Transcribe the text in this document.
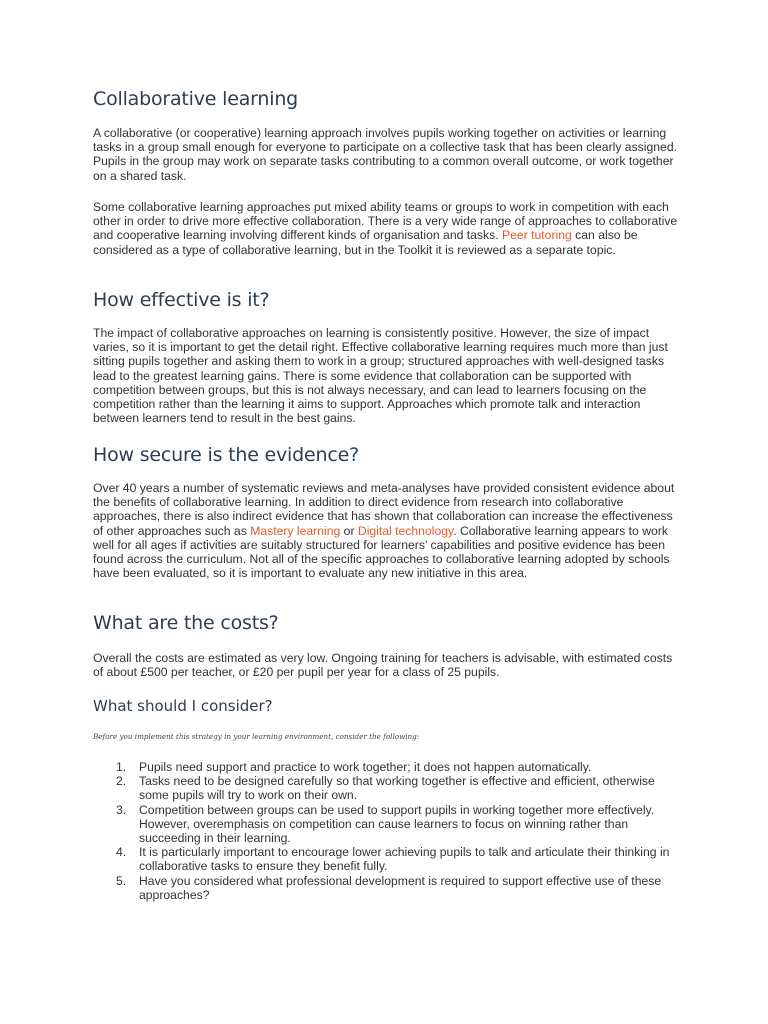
Collaborative learning

A collaborative (or cooperative) learning approach involves pupils working together on activities or learning tasks in a group small enough for everyone to participate on a collective task that has been clearly assigned. Pupils in the group may work on separate tasks contributing to a common overall outcome, or work together on a shared task.

Some collaborative learning approaches put mixed ability teams or groups to work in competition with each other in order to drive more effective collaboration. There is a very wide range of approaches to collaborative and cooperative learning involving different kinds of organisation and tasks. Peer tutoring can also be considered as a type of collaborative learning, but in the Toolkit it is reviewed as a separate topic.

How effective is it?

The impact of collaborative approaches on learning is consistently positive. However, the size of impact varies, so it is important to get the detail right. Effective collaborative learning requires much more than just sitting pupils together and asking them to work in a group; structured approaches with well-designed tasks lead to the greatest learning gains. There is some evidence that collaboration can be supported with competition between groups, but this is not always necessary, and can lead to learners focusing on the competition rather than the learning it aims to support. Approaches which promote talk and interaction between learners tend to result in the best gains.

How secure is the evidence?

Over 40 years a number of systematic reviews and meta-analyses have provided consistent evidence about the benefits of collaborative learning. In addition to direct evidence from research into collaborative approaches, there is also indirect evidence that has shown that collaboration can increase the effectiveness of other approaches such as Mastery learning or Digital technology. Collaborative learning appears to work well for all ages if activities are suitably structured for learners’ capabilities and positive evidence has been found across the curriculum. Not all of the specific approaches to collaborative learning adopted by schools have been evaluated, so it is important to evaluate any new initiative in this area.

What are the costs?

Overall the costs are estimated as very low. Ongoing training for teachers is advisable, with estimated costs of about £500 per teacher, or £20 per pupil per year for a class of 25 pupils.

What should I consider?

Before you implement this strategy in your learning environment, consider the following:

1. Pupils need support and practice to work together; it does not happen automatically.
2. Tasks need to be designed carefully so that working together is effective and efficient, otherwise some pupils will try to work on their own.
3. Competition between groups can be used to support pupils in working together more effectively. However, overemphasis on competition can cause learners to focus on winning rather than succeeding in their learning.
4. It is particularly important to encourage lower achieving pupils to talk and articulate their thinking in collaborative tasks to ensure they benefit fully.
5. Have you considered what professional development is required to support effective use of these approaches?
